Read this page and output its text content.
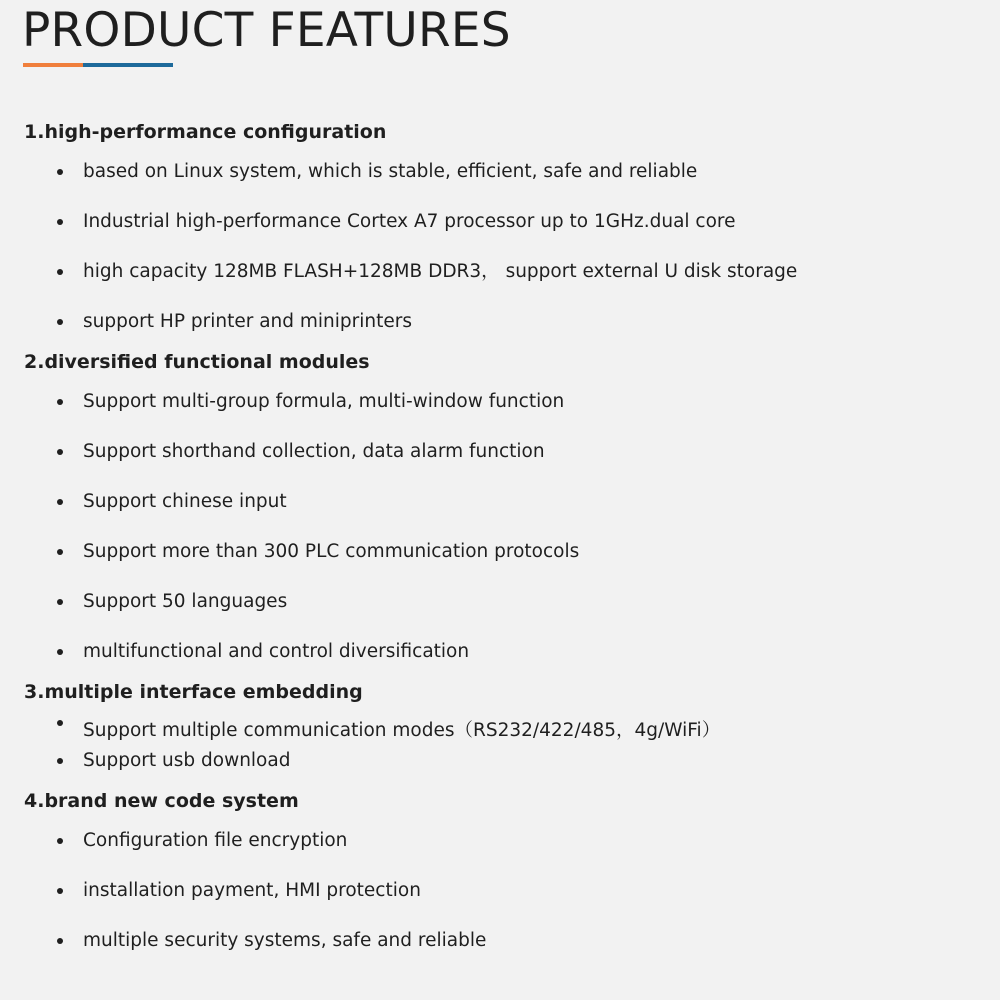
PRODUCT FEATURES
1.high-performance configuration
based on Linux system, which is stable, efficient, safe and reliable
Industrial high-performance Cortex A7 processor up to 1GHz.dual core
high capacity 128MB FLASH+128MB DDR3， support external U disk storage
support HP printer and miniprinters
2.diversified functional modules
Support multi-group formula, multi-window function
Support shorthand collection, data alarm function
Support chinese input
Support more than 300 PLC communication protocols
Support 50 languages
multifunctional and control diversification
3.multiple interface embedding
Support multiple communication modes（RS232/422/485，4g/WiFi）
Support usb download
4.brand new code system
Configuration file encryption
installation payment, HMI protection
multiple security systems, safe and reliable
